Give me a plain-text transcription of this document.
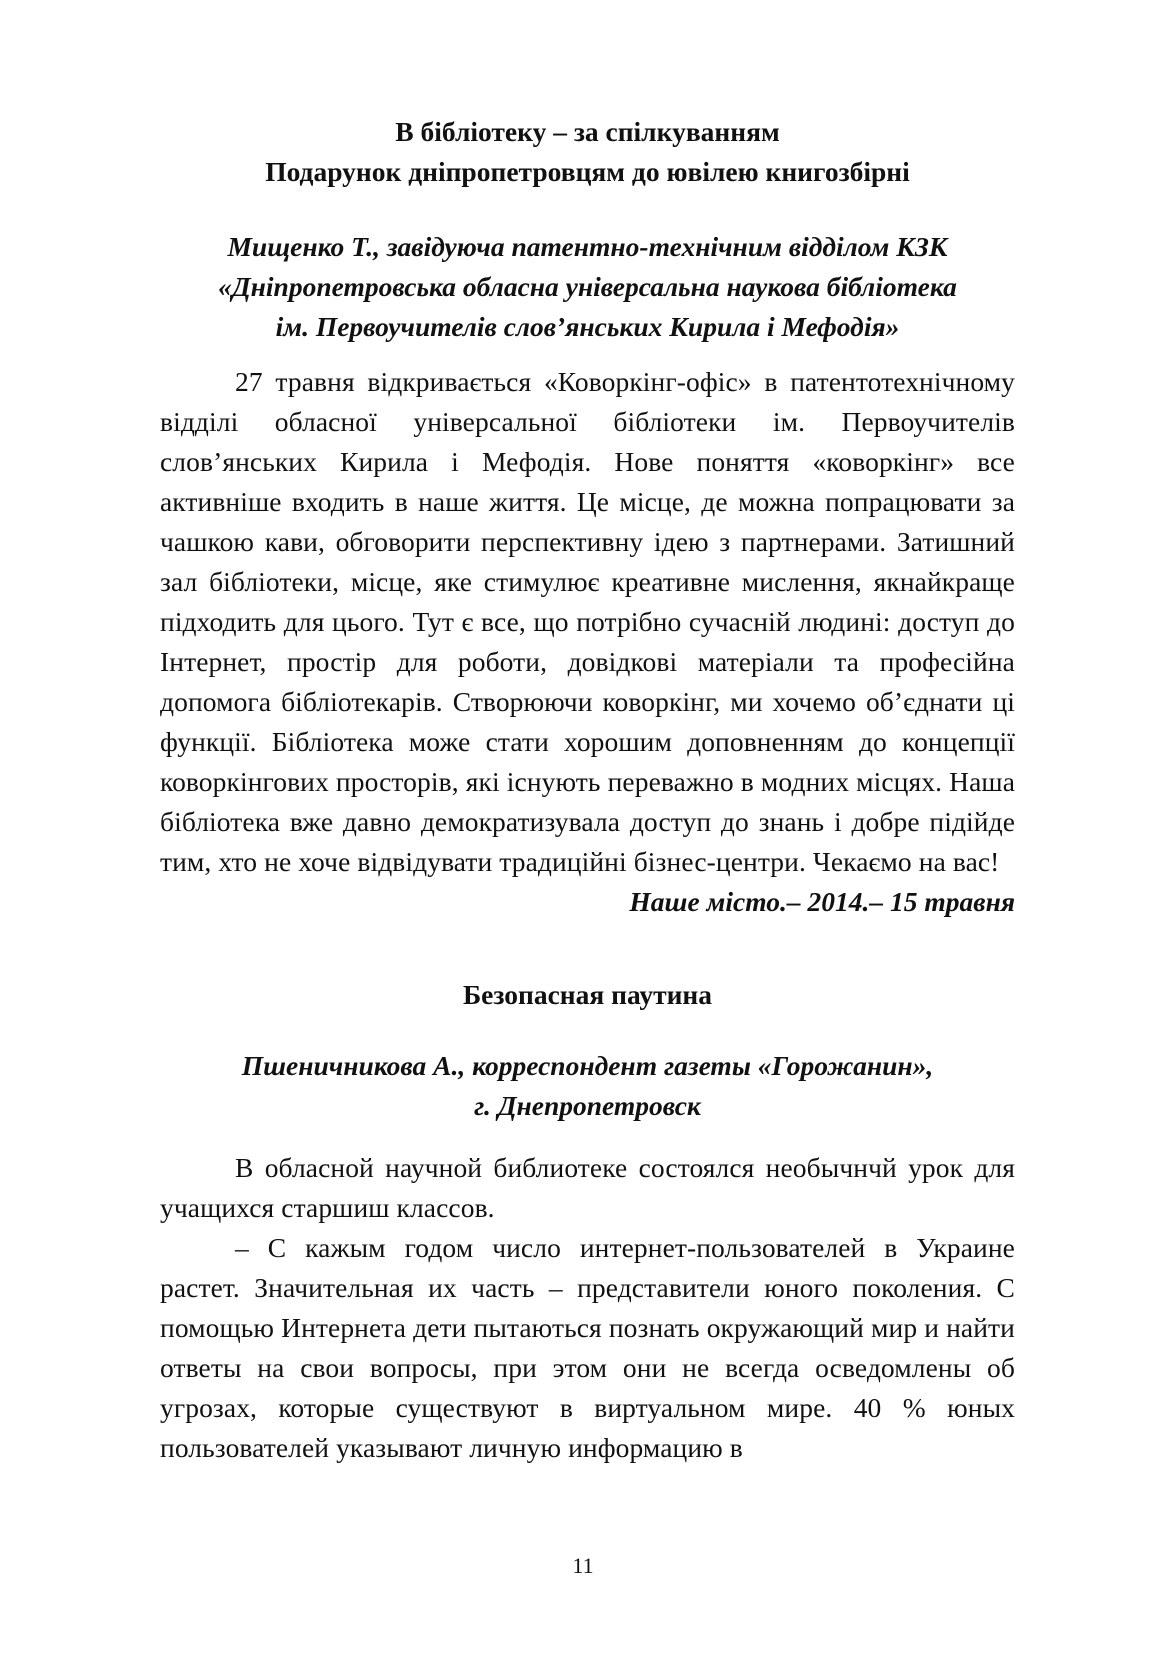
В бібліотеку – за спілкуванням

Подарунок дніпропетровцям до ювілею книгозбірні

Мищенко Т., завідуюча патентно-технічним відділом КЗК

«Дніпропетровська обласна універсальна наукова бібліотека

ім. Первоучителів слов’янських Кирила і Мефодія»

27 травня відкривається «Коворкінг-офіс» в патентотехнічному відділі обласної універсальної бібліотеки ім. Первоучителів слов’янських Кирила і Мефодія. Нове поняття «коворкінг» все активніше входить в наше життя. Це місце, де можна попрацювати за чашкою кави, обговорити перспективну ідею з партнерами. Затишний зал бібліотеки, місце, яке стимулює креативне мислення, якнайкраще підходить для цього. Тут є все, що потрібно сучасній людині: доступ до Інтернет, простір для роботи, довідкові матеріали та професійна допомога бібліотекарів. Створюючи коворкінг, ми хочемо об’єднати ці функції. Бібліотека може стати хорошим доповненням до концепції коворкінгових просторів, які існують переважно в модних місцях. Наша бібліотека вже давно демократизувала доступ до знань і добре підійде тим, хто не хоче відвідувати традиційні бізнес-центри. Чекаємо на вас!

Наше місто.– 2014.– 15 травня

Безопасная паутина

Пшеничникова А., корреспондент газеты «Горожанин»,

г. Днепропетровск

В обласной научной библиотеке состоялся необычнчй урок для учащихся старшиш классов.

– С кажым годом число интернет-пользователей в Украине растет. Значительная их часть – представители юного поколения. С помощью Интернета дети пытаються познать окружающий мир и найти ответы на свои вопросы, при этом они не всегда осведомлены об угрозах, которые существуют в виртуальном мире. 40 % юных пользователей указывают личную информацию в

11
